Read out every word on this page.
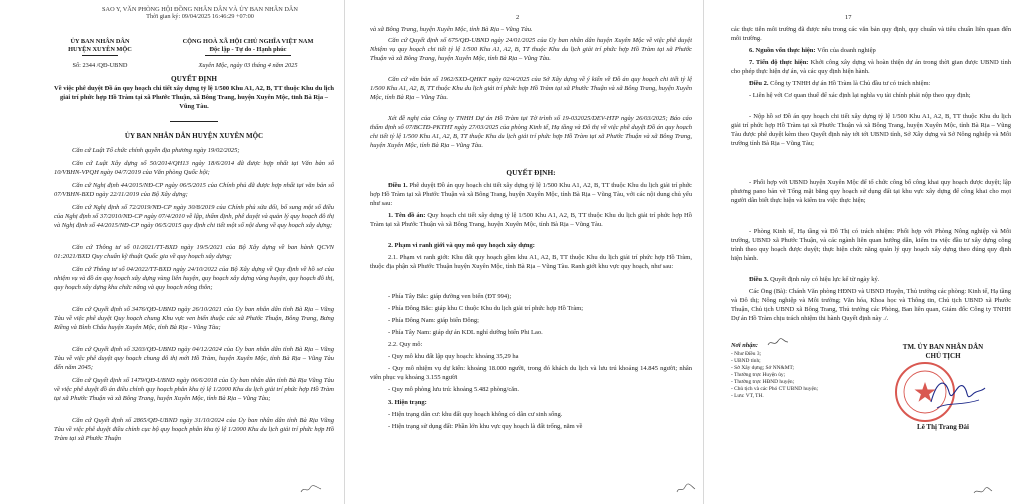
SAO Y, VĂN PHÒNG HỘI ĐỒNG NHÂN DÂN VÀ ỦY BAN NHÂN DÂN
Thời gian ký: 09/04/2025 16:46:29 +07:00
ỦY BAN NHÂN DÂN
HUYỆN XUYÊN MỘC
CỘNG HOÀ XÃ HỘI CHỦ NGHĨA VIỆT NAM
Độc lập - Tự do - Hạnh phúc
Số: 2344 /QĐ-UBND	Xuyên Mộc, ngày 03 tháng 4 năm 2025
QUYẾT ĐỊNH
Về việc phê duyệt Đồ án quy hoạch chi tiết xây dựng tỷ lệ 1/500 Khu A1, A2, B, TT thuộc Khu du lịch giải trí phức hợp Hồ Tràm tại xã Phước Thuận, xã Bông Trang, huyện Xuyên Mộc, tỉnh Bà Rịa – Vũng Tàu.
ỦY BAN NHÂN DÂN HUYỆN XUYÊN MỘC
Căn cứ Luật Tổ chức chính quyền địa phương ngày 19/02/2025;
Căn cứ Luật Xây dựng số 50/2014/QH13 ngày 18/6/2014 đã được hợp nhất tại Văn bản số 10/VBHN-VPQH ngày 04/7/2019 của Văn phòng Quốc hội;
Căn cứ Nghị định 44/2015/NĐ-CP ngày 06/5/2015 của Chính phủ đã được hợp nhất tại văn bản số 07/VBHN-BXD ngày 22/11/2019 của Bộ Xây dựng;
Căn cứ Nghị định số 72/2019/NĐ-CP ngày 30/8/2019 của Chính phủ sửa đổi, bổ sung một số điều của Nghị định số 37/2010/NĐ-CP ngày 07/4/2010 về lập, thẩm định, phê duyệt và quản lý quy hoạch đô thị và Nghị định số 44/2015/NĐ-CP ngày 06/5/2015 quy định chi tiết một số nội dung về quy hoạch xây dựng;
Căn cứ Thông tư số 01/2021/TT-BXD ngày 19/5/2021 của Bộ Xây dựng về ban hành QCVN 01:2021/BXD Quy chuẩn kỹ thuật Quốc gia về quy hoạch xây dựng;
Căn cứ Thông tư số 04/2022/TT-BXD ngày 24/10/2022 của Bộ Xây dựng về Quy định về hồ sơ của nhiệm vụ và đồ án quy hoạch xây dựng vùng liên huyện, quy hoạch xây dựng vùng huyện, quy hoạch đô thị, quy hoạch xây dựng khu chức năng và quy hoạch nông thôn;
Căn cứ Quyết định số 3476/QĐ-UBND ngày 26/10/2021 của Ủy ban nhân dân tỉnh Bà Rịa – Vũng Tàu về việc phê duyệt Quy hoạch chung Khu vực ven biển thuộc các xã Phước Thuận, Bông Trang, Bưng Riềng và Bình Châu huyện Xuyên Mộc, tỉnh Bà Rịa - Vũng Tàu;
Căn cứ Quyết định số 3203/QĐ-UBND ngày 04/12/2024 của Ủy ban nhân dân tỉnh Bà Rịa – Vũng Tàu về việc phê duyệt quy hoạch chung đô thị mới Hồ Tràm, huyện Xuyên Mộc, tỉnh Bà Rịa – Vũng Tàu đến năm 2045;
Căn cứ Quyết định số 1479/QĐ-UBND ngày 06/6/2018 của Ủy ban nhân dân tỉnh Bà Rịa Vũng Tàu về việc phê duyệt đồ án điều chỉnh quy hoạch phân khu tỷ lệ 1/2000 Khu du lịch giải trí phức hợp Hồ Tràm tại xã Phước Thuận và xã Bông Trang, huyện Xuyên Mộc, tỉnh Bà Rịa – Vũng Tàu;
Căn cứ Quyết định số 2865/QĐ-UBND ngày 31/10/2024 của Ủy ban nhân dân tỉnh Bà Rịa Vũng Tàu về việc phê duyệt điều chỉnh cục bộ quy hoạch phân khu tỷ lệ 1/2000 Khu du lịch giải trí phức hợp Hồ Tràm tại xã Phước Thuận
2
và xã Bông Trang, huyện Xuyên Mộc, tỉnh Bà Rịa – Vũng Tàu.
Căn cứ Quyết định số 675/QĐ-UBND ngày 24/01/2025 của Ủy ban nhân dân huyện Xuyên Mộc về việc phê duyệt Nhiệm vụ quy hoạch chi tiết tỷ lệ 1/500 Khu A1, A2, B, TT thuộc Khu du lịch giải trí phức hợp Hồ Tràm tại xã Phước Thuận và xã Bông Trang, huyện Xuyên Mộc, tỉnh Bà Rịa – Vũng Tàu.
Căn cứ văn bản số 1962/SXD-QHKT ngày 02/4/2025 của Sở Xây dựng về ý kiến về Đồ án quy hoạch chi tiết tỷ lệ 1/500 Khu A1, A2, B, TT thuộc Khu du lịch giải trí phức hợp Hồ Tràm tại xã Phước Thuận và xã Bông Trang, huyện Xuyên Mộc, tỉnh Bà Rịa – Vũng Tàu.
Xét đề nghị của Công ty TNHH Dự án Hồ Tràm tại Tờ trình số 19-032025/DEV-HTP ngày 26/03/2025; Báo cáo thẩm định số 07/BCTĐ-PKTHT ngày 27/03/2025 của phòng Kinh tế, Hạ tầng và Đô thị về việc phê duyệt Đồ án quy hoạch chi tiết tỷ lệ 1/500 Khu A1, A2, B, TT thuộc Khu du lịch giải trí phức hợp Hồ Tràm tại xã Phước Thuận và xã Bông Trang, huyện Xuyên Mộc, tỉnh Bà Rịa – Vũng Tàu.
QUYẾT ĐỊNH:
Điều 1. Phê duyệt Đồ án quy hoạch chi tiết xây dựng tỷ lệ 1/500 Khu A1, A2, B, TT thuộc Khu du lịch giải trí phức hợp Hồ Tràm tại xã Phước Thuận và xã Bông Trang, huyện Xuyên Mộc, tỉnh Bà Rịa – Vũng Tàu, với các nội dung chủ yếu như sau:
1. Tên đồ án: Quy hoạch chi tiết xây dựng tỷ lệ 1/500 Khu A1, A2, B, TT thuộc Khu du lịch giải trí phức hợp Hồ Tràm tại xã Phước Thuận và xã Bông Trang, huyện Xuyên Mộc, tỉnh Bà Rịa – Vũng Tàu.
2. Phạm vi ranh giới và quy mô quy hoạch xây dựng:
2.1. Phạm vi ranh giới: Khu đất quy hoạch gồm khu A1, A2, B, TT thuộc Khu du lịch giải trí phức hợp Hồ Tràm, thuộc địa phận xã Phước Thuận huyện Xuyên Mộc, tỉnh Bà Rịa – Vũng Tàu. Ranh giới khu vực quy hoạch, như sau:
- Phía Tây Bắc: giáp đường ven biển (ĐT 994);
- Phía Đông Bắc: giáp khu C thuộc Khu du lịch giải trí phức hợp Hồ Tràm;
- Phía Đông Nam: giáp biển Đông;
- Phía Tây Nam: giáp dự án KDL nghỉ dưỡng biển Phi Lao.
2.2. Quy mô:
- Quy mô khu đất lập quy hoạch: khoảng 35,29 ha
- Quy mô nhiệm vụ dự kiến: khoảng 18.000 người, trong đó khách du lịch và lưu trú khoảng 14.845 người; nhân viên phục vụ khoảng 3.155 người
- Quy mô phòng lưu trú: khoảng 5.482 phòng/căn.
3. Hiện trạng:
- Hiện trạng dân cư: khu đất quy hoạch không có dân cư sinh sống.
- Hiện trạng sử dụng đất: Phần lớn khu vực quy hoạch là đất trống, nằm về
17
các thực tiễn môi trường đã được nêu trong các văn bản quy định, quy chuẩn và tiêu chuẩn liên quan đến môi trường.
6. Nguồn vốn thực hiện: Vốn của doanh nghiệp
7. Tiến độ thực hiện: Khởi công xây dựng và hoàn thiện dự án trong thời gian được UBND tỉnh cho phép thực hiện dự án, và các quy định hiện hành.
Điều 2. Công ty TNHH dự án Hồ Tràm là Chủ đầu tư có trách nhiệm:
- Liên hệ với Cơ quan thuế để xác định lại nghĩa vụ tài chính phải nộp theo quy định;
- Nộp hồ sơ Đồ án quy hoạch chi tiết xây dựng tỷ lệ 1/500 Khu A1, A2, B, TT thuộc Khu du lịch giải trí phức hợp Hồ Tràm tại xã Phước Thuận và xã Bông Trang, huyện Xuyên Mộc, tỉnh Bà Rịa – Vũng Tàu được phê duyệt kèm theo Quyết định này tới tới UBND tỉnh, Sở Xây dựng và Sở Nông nghiệp và Môi trường tỉnh Bà Rịa – Vũng Tàu;
- Phối hợp với UBND huyện Xuyên Mộc để tổ chức công bố công khai quy hoạch được duyệt; lập phương pano bản vẽ Tổng mặt bằng quy hoạch sử dụng đất tại khu vực xây dựng để công khai cho mọi người dân biết thực hiện và kiểm tra việc thực hiện;
- Phòng Kinh tế, Hạ tầng và Đô Thị có trách nhiệm: Phối hợp với Phòng Nông nghiệp và Môi trường, UBND xã Phước Thuận, và các ngành liên quan hướng dẫn, kiểm tra việc đầu tư xây dựng công trình theo quy hoạch được duyệt; thực hiện chức năng quản lý quy hoạch xây dựng theo đúng quy định hiện hành.
Điều 3. Quyết định này có hiệu lực kể từ ngày ký.
Các Ông (Bà): Chánh Văn phòng HĐND và UBND Huyện, Thủ trưởng các phòng: Kinh tế, Hạ tầng và Đô thị; Nông nghiệp và Môi trường; Văn hóa, Khoa học và Thông tin, Chủ tịch UBND xã Phước Thuận, Chủ tịch UBND xã Bông Trang, Thủ trưởng các Phòng, Ban liên quan, Giám đốc Công ty TNHH Dự án Hồ Tràm chịu trách nhiệm thi hành Quyết định này ./.
Nơi nhận:
- Như Điều 3;
- UBND tỉnh;
- Sở Xây dựng; Sở NN&MT;
- Thường trực Huyện ủy;
- Thường trực HĐND huyện;
- Chủ tịch và các Phó CT UBND huyện;
- Lưu: VT, TH.
TM. ỦY BAN NHÂN DÂN
CHỦ TỊCH
Lê Thị Trang Đài
